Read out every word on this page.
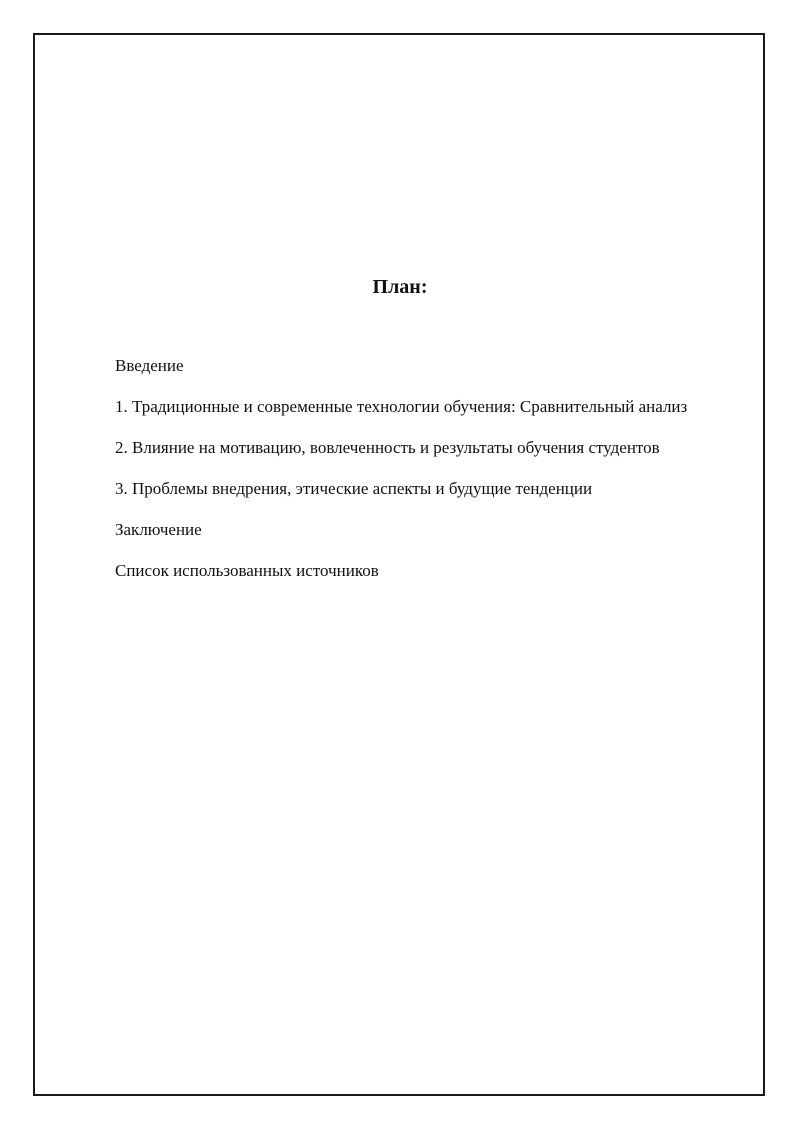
План:
Введение
1. Традиционные и современные технологии обучения: Сравнительный анализ
2. Влияние на мотивацию, вовлеченность и результаты обучения студентов
3. Проблемы внедрения, этические аспекты и будущие тенденции
Заключение
Список использованных источников
